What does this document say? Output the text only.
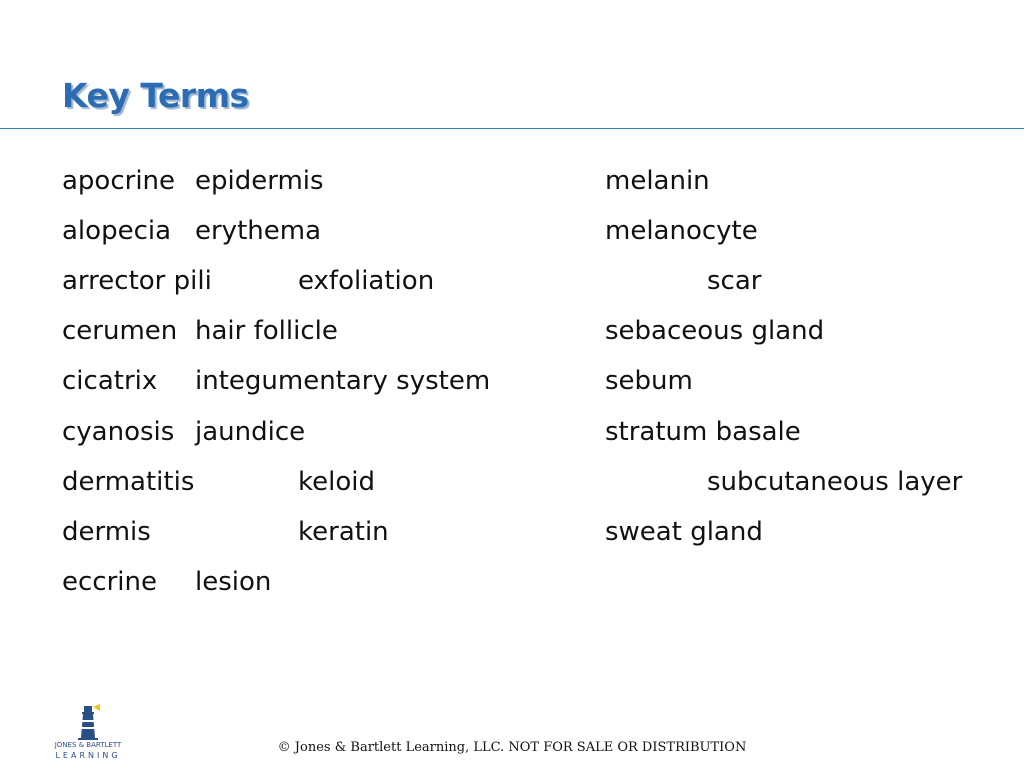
Key Terms
apocrine epidermis	melanin
alopecia erythema	melanocyte
arrector pili	exfoliation	scar
cerumen hair follicle	sebaceous gland
cicatrix integumentary system	sebum
cyanosis jaundice	stratum basale
dermatitis	keloid	subcutaneous layer
dermis	keratin	sweat gland
eccrine lesion
JONES & BARTLETT
LEARNING
© Jones & Bartlett Learning, LLC. NOT FOR SALE OR DISTRIBUTION
